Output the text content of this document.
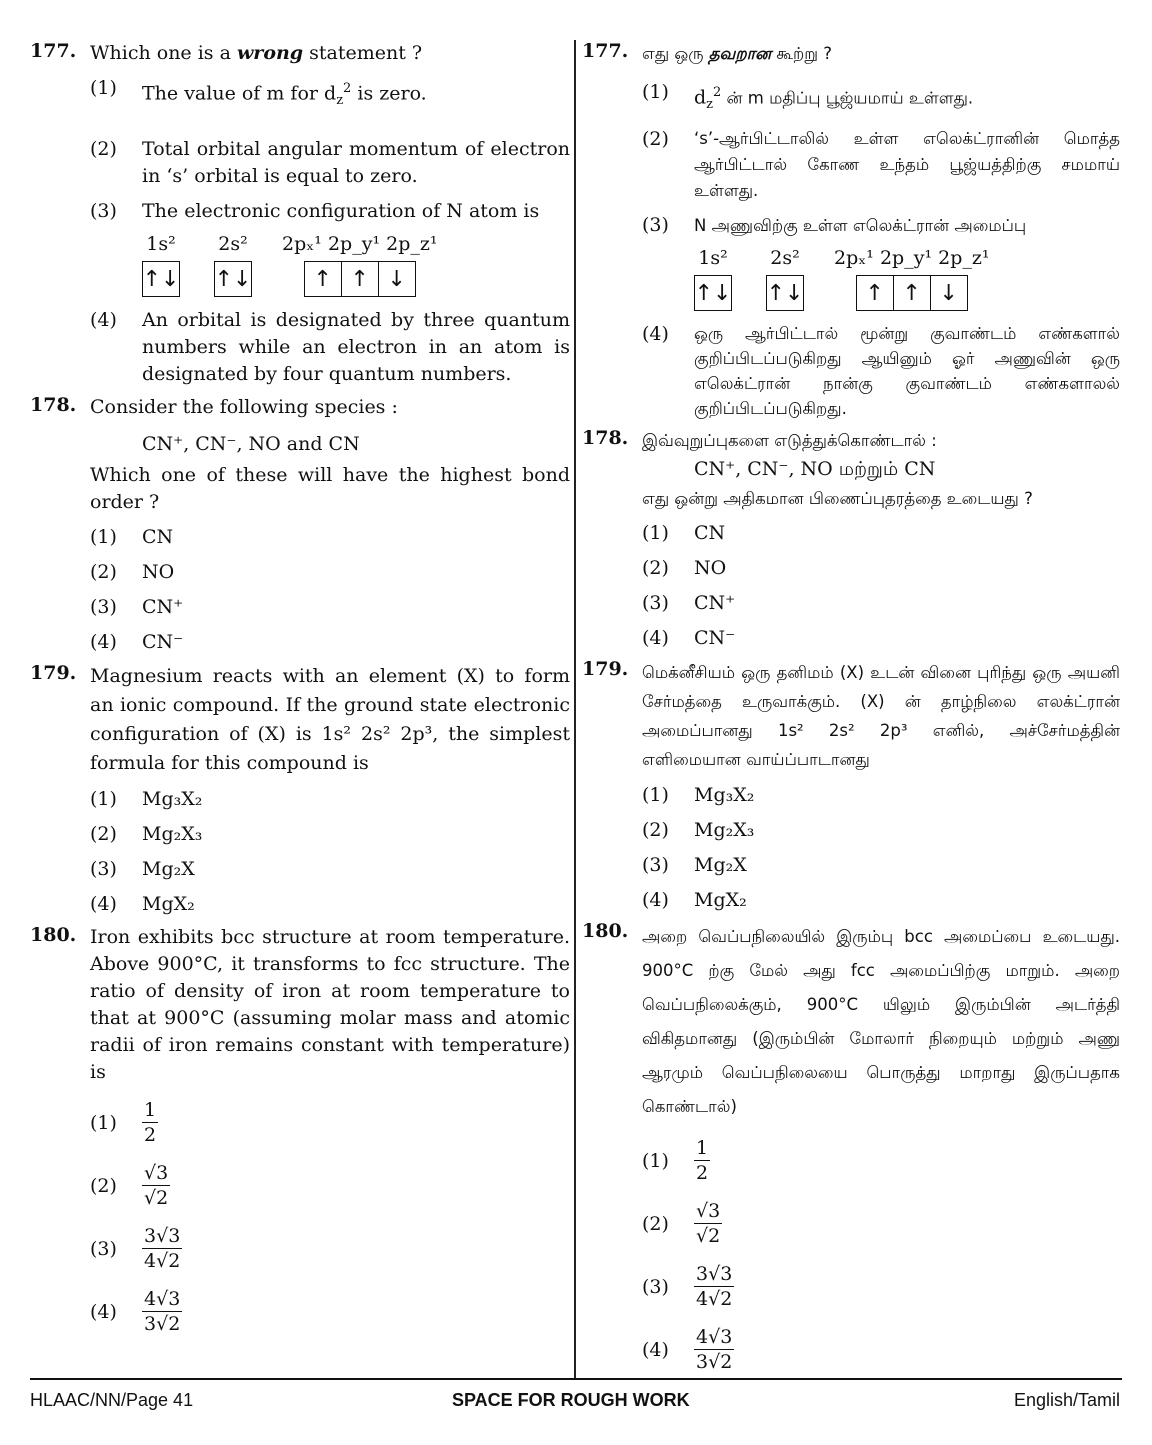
177. Which one is a wrong statement ?
(1)	The value of m for $d_z^2$ is zero.
(2)	Total orbital angular momentum of electron in ‘s’ orbital is equal to zero.
(3)	The electronic configuration of N atom is
1s²
↑↓
2s²
↑↓
2pₓ¹ 2p_y¹ 2p_z¹
↑ ↑ ↓
(4)	An orbital is designated by three quantum numbers while an electron in an atom is designated by four quantum numbers.
178. Consider the following species :
CN⁺, CN⁻, NO and CN
Which one of these will have the highest bond order ?
(1)	CN
(2)	NO
(3)	CN⁺
(4)	CN⁻
179. Magnesium reacts with an element (X) to form an ionic compound. If the ground state electronic configuration of (X) is 1s² 2s² 2p³, the simplest formula for this compound is
(1)	Mg₃X₂
(2)	Mg₂X₃
(3)	Mg₂X
(4)	MgX₂
180. Iron exhibits bcc structure at room temperature. Above 900°C, it transforms to fcc structure. The ratio of density of iron at room temperature to that at 900°C (assuming molar mass and atomic radii of iron remains constant with temperature) is
(1)	$\frac{1}{2}$
(2)	$\frac{√3}{√2}$
(3)	$\frac{3√3}{4√2}$
(4)	$\frac{4√3}{3√2}$
177. எது ஒரு தவறான கூற்று ?
(1)	$d_z^2$ ன் m மதிப்பு பூஜ்யமாய் உள்ளது.
(2)	‘s’-ஆர்பிட்டாலில் உள்ள எலெக்ட்ரானின் மொத்த ஆர்பிட்டால் கோண உந்தம் பூஜ்யத்திற்கு சமமாய் உள்ளது.
(3)	N அணுவிற்கு உள்ள எலெக்ட்ரான் அமைப்பு
1s²
↑↓
2s²
↑↓
2pₓ¹ 2p_y¹ 2p_z¹
↑ ↑ ↓
(4)	ஒரு ஆர்பிட்டால் மூன்று குவாண்டம் எண்களால் குறிப்பிடப்படுகிறது ஆயினும் ஓர் அணுவின் ஒரு எலெக்ட்ரான் நான்கு குவாண்டம் எண்களாலல் குறிப்பிடப்படுகிறது.
178. இவ்வுறுப்புகளை எடுத்துக்கொண்டால் :
CN⁺, CN⁻, NO மற்றும் CN
எது ஒன்று அதிகமான பிணைப்புதரத்தை உடையது ?
(1)	CN
(2)	NO
(3)	CN⁺
(4)	CN⁻
179. மெக்னீசியம் ஒரு தனிமம் (X) உடன் வினை புரிந்து ஒரு அயனி சேர்மத்தை உருவாக்கும். (X) ன் தாழ்நிலை எலக்ட்ரான் அமைப்பானது 1s² 2s² 2p³ எனில், அச்சேர்மத்தின் எளிமையான வாய்ப்பாடானது
(1)	Mg₃X₂
(2)	Mg₂X₃
(3)	Mg₂X
(4)	MgX₂
180. அறை வெப்பநிலையில் இரும்பு bcc அமைப்பை உடையது. 900°C ற்கு மேல் அது fcc அமைப்பிற்கு மாறும். அறை வெப்பநிலைக்கும், 900°C யிலும் இரும்பின் அடர்த்தி விகிதமானது (இரும்பின் மோலார் நிறையும் மற்றும் அணு ஆரமும் வெப்பநிலையை பொருத்து மாறாது இருப்பதாக கொண்டால்)
(1)	$\frac{1}{2}$
(2)	$\frac{√3}{√2}$
(3)	$\frac{3√3}{4√2}$
(4)	$\frac{4√3}{3√2}$
HLAAC/NN/Page 41	SPACE FOR ROUGH WORK	English/Tamil
